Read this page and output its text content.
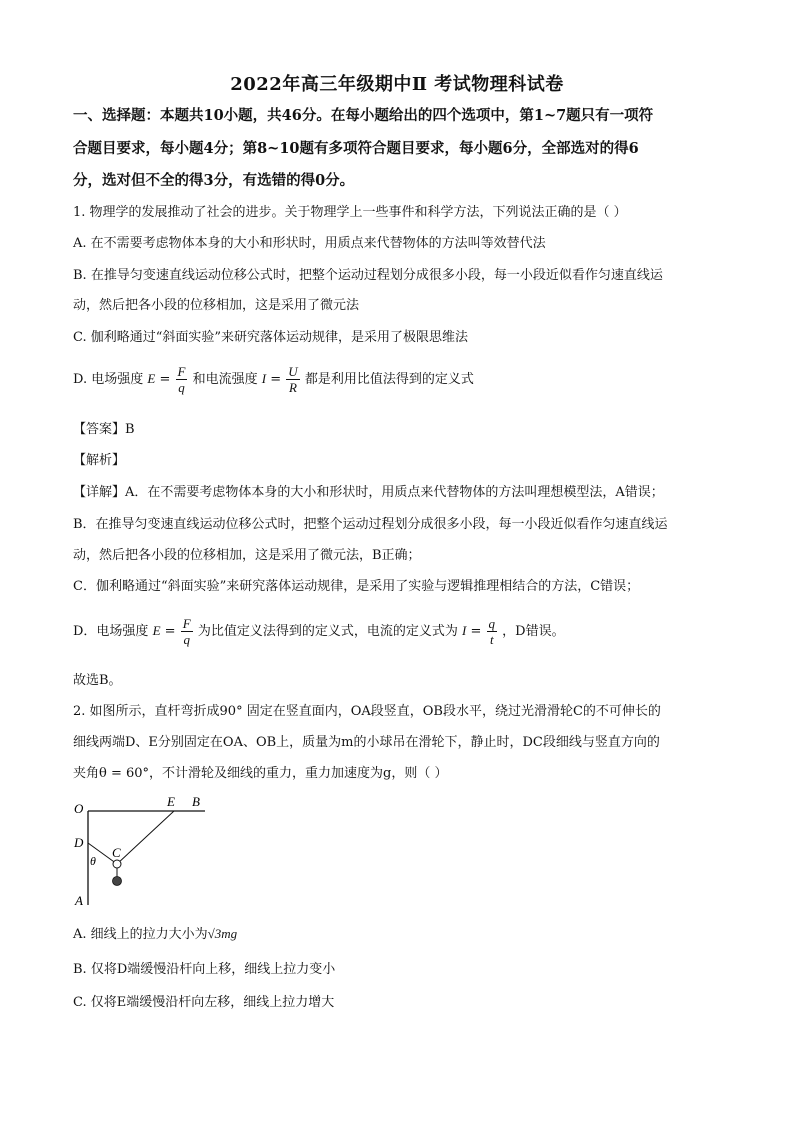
2022年高三年级期中Ⅱ 考试物理科试卷
一、选择题：本题共10小题，共46分。在每小题给出的四个选项中，第1~7题只有一项符
合题目要求，每小题4分；第8~10题有多项符合题目要求，每小题6分，全部选对的得6
分，选对但不全的得3分，有选错的得0分。
1. 物理学的发展推动了社会的进步。关于物理学上一些事件和科学方法，下列说法正确的是（ ）
A. 在不需要考虑物体本身的大小和形状时，用质点来代替物体的方法叫等效替代法
B. 在推导匀变速直线运动位移公式时，把整个运动过程划分成很多小段，每一小段近似看作匀速直线运
动，然后把各小段的位移相加，这是采用了微元法
C. 伽利略通过“斜面实验”来研究落体运动规律，是采用了极限思维法
D. 电场强度 $E = \frac{F}{q}$ 和电流强度 $I = \frac{U}{R}$ 都是利用比值法得到的定义式
【答案】B
【解析】
【详解】A．在不需要考虑物体本身的大小和形状时，用质点来代替物体的方法叫理想模型法，A错误；
B．在推导匀变速直线运动位移公式时，把整个运动过程划分成很多小段，每一小段近似看作匀速直线运
动，然后把各小段的位移相加，这是采用了微元法，B正确；
C．伽利略通过“斜面实验”来研究落体运动规律，是采用了实验与逻辑推理相结合的方法，C错误；
D．电场强度 $E = \frac{F}{q}$ 为比值定义法得到的定义式，电流的定义式为 $I = \frac{q}{t}$ ，D错误。
故选B。
2. 如图所示，直杆弯折成90° 固定在竖直面内，OA段竖直，OB段水平，绕过光滑滑轮C的不可伸长的
细线两端D、E分别固定在OA、OB上，质量为m的小球吊在滑轮下，静止时，DC段细线与竖直方向的
夹角θ = 60°，不计滑轮及细线的重力，重力加速度为g，则（ ）
O	E B
D
C
θ
A
A. 细线上的拉力大小为√3mg
B. 仅将D端缓慢沿杆向上移，细线上拉力变小
C. 仅将E端缓慢沿杆向左移，细线上拉力增大
